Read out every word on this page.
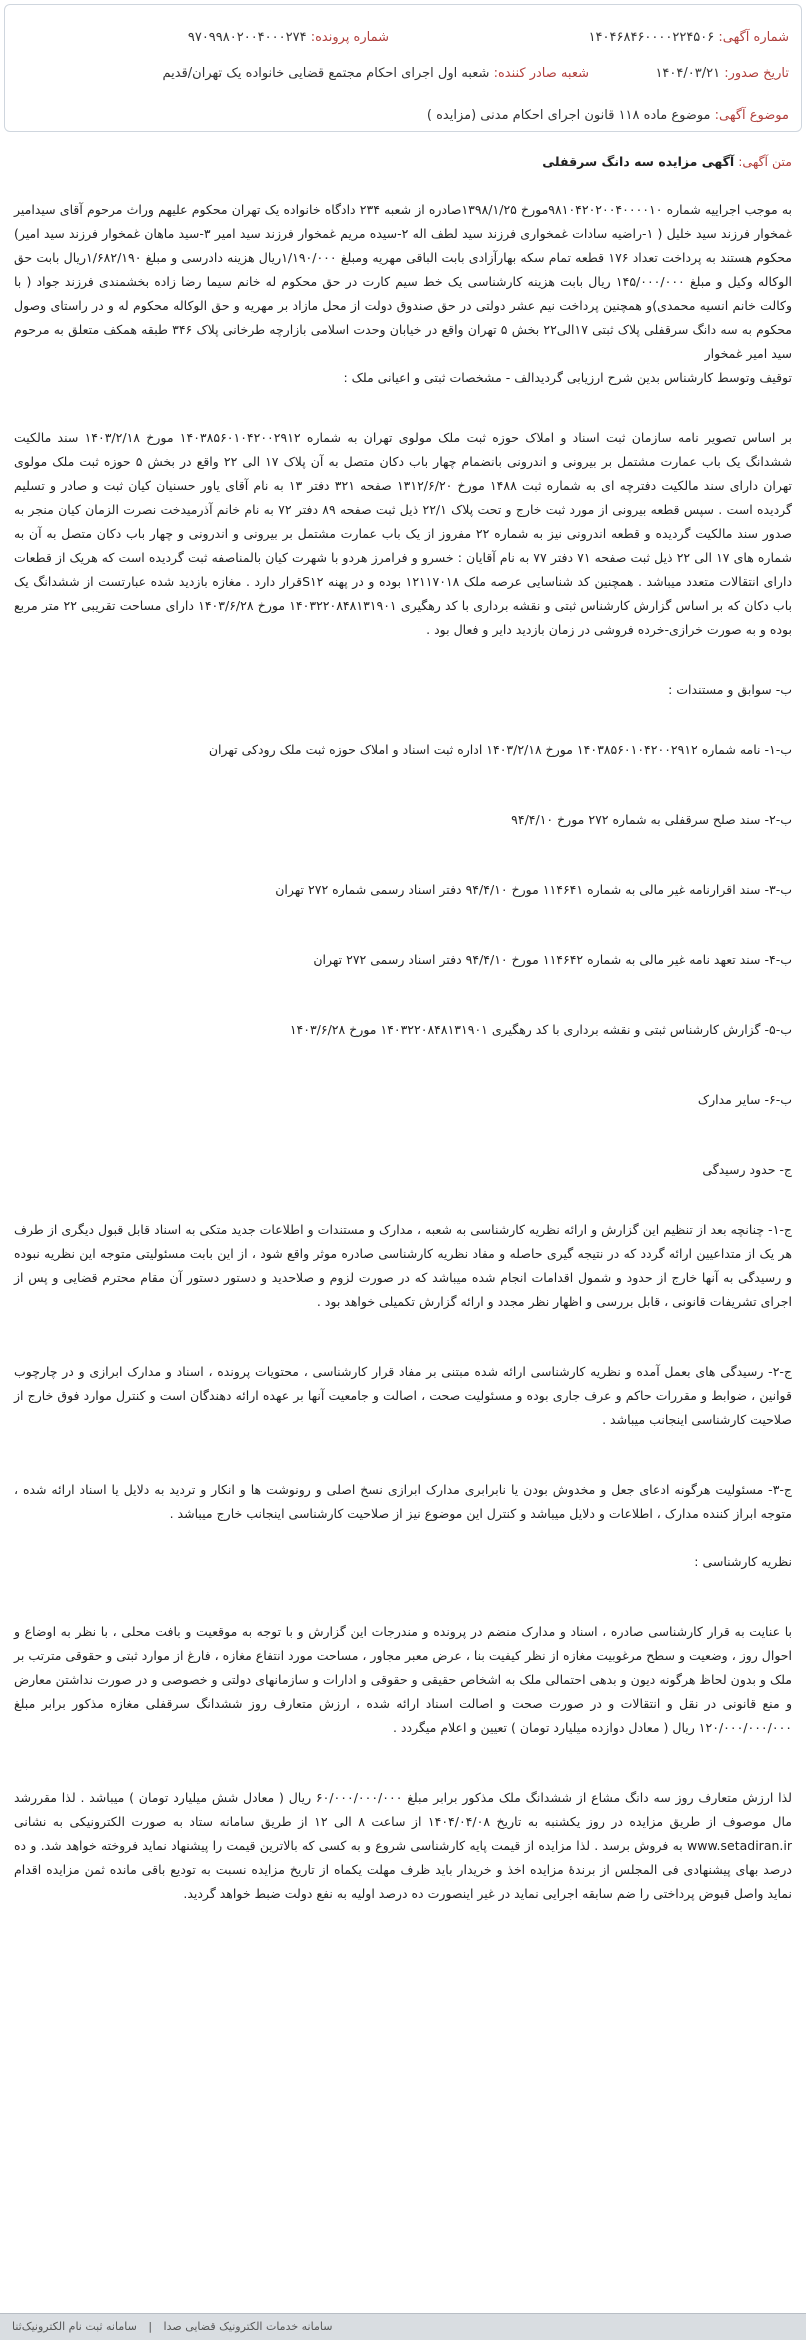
شماره آگهی: ۱۴۰۴۶۸۴۶۰۰۰۰۲۲۴۵۰۶
شماره پرونده: ۹۷۰۹۹۸۰۲۰۰۴۰۰۰۲۷۴
تاریخ صدور: ۱۴۰۴/۰۳/۲۱
شعبه صادر کننده: شعبه اول اجرای احکام مجتمع قضایی خانواده یک تهران/قدیم
موضوع آگهی: موضوع ماده ۱۱۸ قانون اجرای احکام مدنی (مزایده )

متن آگهی: آگهی مزایده سه دانگ سرقفلی

به موجب اجراییه شماره ۹۸۱۰۴۲۰۲۰۰۴۰۰۰۰۱۰مورخ ۱۳۹۸/۱/۲۵صادره از شعبه ۲۳۴ دادگاه خانواده یک تهران محکوم علیهم وراث مرحوم آقای سیدامیر غمخوار فرزند سید خلیل ( ۱-راضیه سادات غمخواری فرزند سید لطف اله ۲-سیده مریم غمخوار فرزند سید امیر ۳-سید ماهان غمخوار فرزند سید امیر) محکوم هستند به پرداخت تعداد ۱۷۶ قطعه تمام سکه بهارآزادی بابت الباقی مهریه ومبلغ ۱/۱۹۰/۰۰۰ریال هزینه دادرسی و مبلغ ۱/۶۸۲/۱۹۰ریال بابت حق الوکاله وکیل و مبلغ ۱۴۵/۰۰۰/۰۰۰ ریال بابت هزینه کارشناسی یک خط سیم کارت در حق محکوم له خانم سیما رضا زاده بخشمندی فرزند جواد ( با وکالت خانم انسیه محمدی)و همچنین پرداخت نیم عشر دولتی در حق صندوق دولت از محل مازاد بر مهریه و حق الوکاله محکوم له و در راستای وصول محکوم به سه دانگ سرقفلی پلاک ثبتی ۱۷الی۲۲ بخش ۵ تهران واقع در خیابان وحدت اسلامی بازارچه طرخانی پلاک ۳۴۶ طبقه همکف متعلق به مرحوم سید امیر غمخوار

توقیف وتوسط کارشناس بدین شرح ارزیابی گردیدالف - مشخصات ثبتی و اعیانی ملک :

بر اساس تصویر نامه سازمان ثبت اسناد و املاک حوزه ثبت ملک مولوی تهران به شماره ۱۴۰۳۸۵۶۰۱۰۴۲۰۰۲۹۱۲ مورخ ۱۴۰۳/۲/۱۸ سند مالکیت ششدانگ یک باب عمارت مشتمل بر بیرونی و اندرونی بانضمام چهار باب دکان متصل به آن پلاک ۱۷ الی ۲۲ واقع در بخش ۵ حوزه ثبت ملک مولوی تهران دارای سند مالکیت دفترچه ای به شماره ثبت ۱۴۸۸ مورخ ۱۳۱۲/۶/۲۰ صفحه ۳۲۱ دفتر ۱۳ به نام آقای یاور حسنیان کیان ثبت و صادر و تسلیم گردیده است . سپس قطعه بیرونی از مورد ثبت خارج و تحت پلاک ۲۲/۱ ذیل ثبت صفحه ۸۹ دفتر ۷۲ به نام خانم آذرمیدخت نصرت الزمان کیان منجر به صدور سند مالکیت گردیده و قطعه اندرونی نیز به شماره ۲۲ مفروز از یک باب عمارت مشتمل بر بیرونی و اندرونی و چهار باب دکان متصل به آن به شماره های ۱۷ الی ۲۲ ذیل ثبت صفحه ۷۱ دفتر ۷۷ به نام آقایان : خسرو و فرامرز هردو با شهرت کیان بالمناصفه ثبت گردیده است که هریک از قطعات دارای انتقالات متعدد میباشد . همچنین کد شناسایی عرصه ملک ۱۲۱۱۷۰۱۸ بوده و در پهنه S۱۲قرار دارد . مغازه بازدید شده عبارتست از ششدانگ یک باب دکان که بر اساس گزارش کارشناس ثبتی و نقشه برداری با کد رهگیری ۱۴۰۳۲۲۰۸۴۸۱۳۱۹۰۱ مورخ ۱۴۰۳/۶/۲۸ دارای مساحت تقریبی ۲۲ متر مربع بوده و به صورت خرازی-خرده فروشی در زمان بازدید دایر و فعال بود .

ب- سوابق و مستندات :

ب-۱- نامه شماره ۱۴۰۳۸۵۶۰۱۰۴۲۰۰۲۹۱۲ مورخ ۱۴۰۳/۲/۱۸ اداره ثبت اسناد و املاک حوزه ثبت ملک رودکی تهران

ب-۲- سند صلح سرقفلی به شماره ۲۷۲ مورخ ۹۴/۴/۱۰

ب-۳- سند اقرارنامه غیر مالی به شماره ۱۱۴۶۴۱ مورخ ۹۴/۴/۱۰ دفتر اسناد رسمی شماره ۲۷۲ تهران

ب-۴- سند تعهد نامه غیر مالی به شماره ۱۱۴۶۴۲ مورخ ۹۴/۴/۱۰ دفتر اسناد رسمی ۲۷۲ تهران

ب-۵- گزارش کارشناس ثبتی و نقشه برداری با کد رهگیری ۱۴۰۳۲۲۰۸۴۸۱۳۱۹۰۱ مورخ ۱۴۰۳/۶/۲۸

ب-۶- سایر مدارک

ج- حدود رسیدگی

ج-۱- چنانچه بعد از تنظیم این گزارش و ارائه نظریه کارشناسی به شعبه ، مدارک و مستندات و اطلاعات جدید متکی به اسناد قابل قبول دیگری از طرف هر یک از متداعیین ارائه گردد که در نتیجه گیری حاصله و مفاد نظریه کارشناسی صادره موثر واقع شود ، از این بابت مسئولیتی متوجه این نظریه نبوده و رسیدگی به آنها خارج از حدود و شمول اقدامات انجام شده میباشد که در صورت لزوم و صلاحدید و دستور دستور آن مقام محترم قضایی و پس از اجرای تشریفات قانونی ، قابل بررسی و اظهار نظر مجدد و ارائه گزارش تکمیلی خواهد بود .

ج-۲- رسیدگی های بعمل آمده و نظریه کارشناسی ارائه شده مبتنی بر مفاد قرار کارشناسی ، محتویات پرونده ، اسناد و مدارک ابرازی و در چارچوب قوانین ، ضوابط و مقررات حاکم و عرف جاری بوده و مسئولیت صحت ، اصالت و جامعیت آنها بر عهده ارائه دهندگان است و کنترل موارد فوق خارج از صلاحیت کارشناسی اینجانب میباشد .

ج-۳- مسئولیت هرگونه ادعای جعل و مخدوش بودن یا نابرابری مدارک ابرازی نسخ اصلی و رونوشت ها و انکار و تردید به دلایل یا اسناد ارائه شده ، متوجه ابراز کننده مدارک ، اطلاعات و دلایل میباشد و کنترل این موضوع نیز از صلاحیت کارشناسی اینجانب خارج میباشد .

نظریه کارشناسی :

با عنایت به قرار کارشناسی صادره ، اسناد و مدارک منضم در پرونده و مندرجات این گزارش و با توجه به موقعیت و بافت محلی ، با نظر به اوضاع و احوال روز ، وضعیت و سطح مرغوبیت مغازه از نظر کیفیت بنا ، عرض معبر مجاور ، مساحت مورد انتفاع مغازه ، فارغ از موارد ثبتی و حقوقی مترتب بر ملک و بدون لحاظ هرگونه دیون و بدهی احتمالی ملک به اشخاص حقیقی و حقوقی و ادارات و سازمانهای دولتی و خصوصی و در صورت نداشتن معارض و منع قانونی در نقل و انتقالات و در صورت صحت و اصالت اسناد ارائه شده ، ارزش متعارف روز ششدانگ سرقفلی مغازه مذکور برابر مبلغ ۱۲۰/۰۰۰/۰۰۰/۰۰۰ ریال ( معادل دوازده میلیارد تومان ) تعیین و اعلام میگردد .

لذا ارزش متعارف روز سه دانگ مشاع از ششدانگ ملک مذکور برابر مبلغ ۶۰/۰۰۰/۰۰۰/۰۰۰ ریال ( معادل شش میلیارد تومان ) میباشد . لذا مقررشد مال موصوف از طریق مزایده در روز یکشنبه به تاریخ ۱۴۰۴/۰۴/۰۸ از ساعت ۸ الی ۱۲ از طریق سامانه ستاد به صورت الکترونیکی به نشانی www.setadiran.ir به فروش برسد . لذا مزایده از قیمت پایه کارشناسی شروع و به کسی که بالاترین قیمت را پیشنهاد نماید فروخته خواهد شد. و ده درصد بهای پیشنهادی فی المجلس از برندهٔ مزایده اخذ و خریدار باید ظرف مهلت یکماه از تاریخ مزایده نسبت به تودیع باقی مانده ثمن مزایده اقدام نماید واصل قبوض پرداختی را ضم سابقه اجرایی نماید در غیر اینصورت ده درصد اولیه به نفع دولت ضبط خواهد گردید.

سامانه خدمات الکترونیک قضایی‌ صدا | سامانه ثبت نام الکترونیک‌ثنا
